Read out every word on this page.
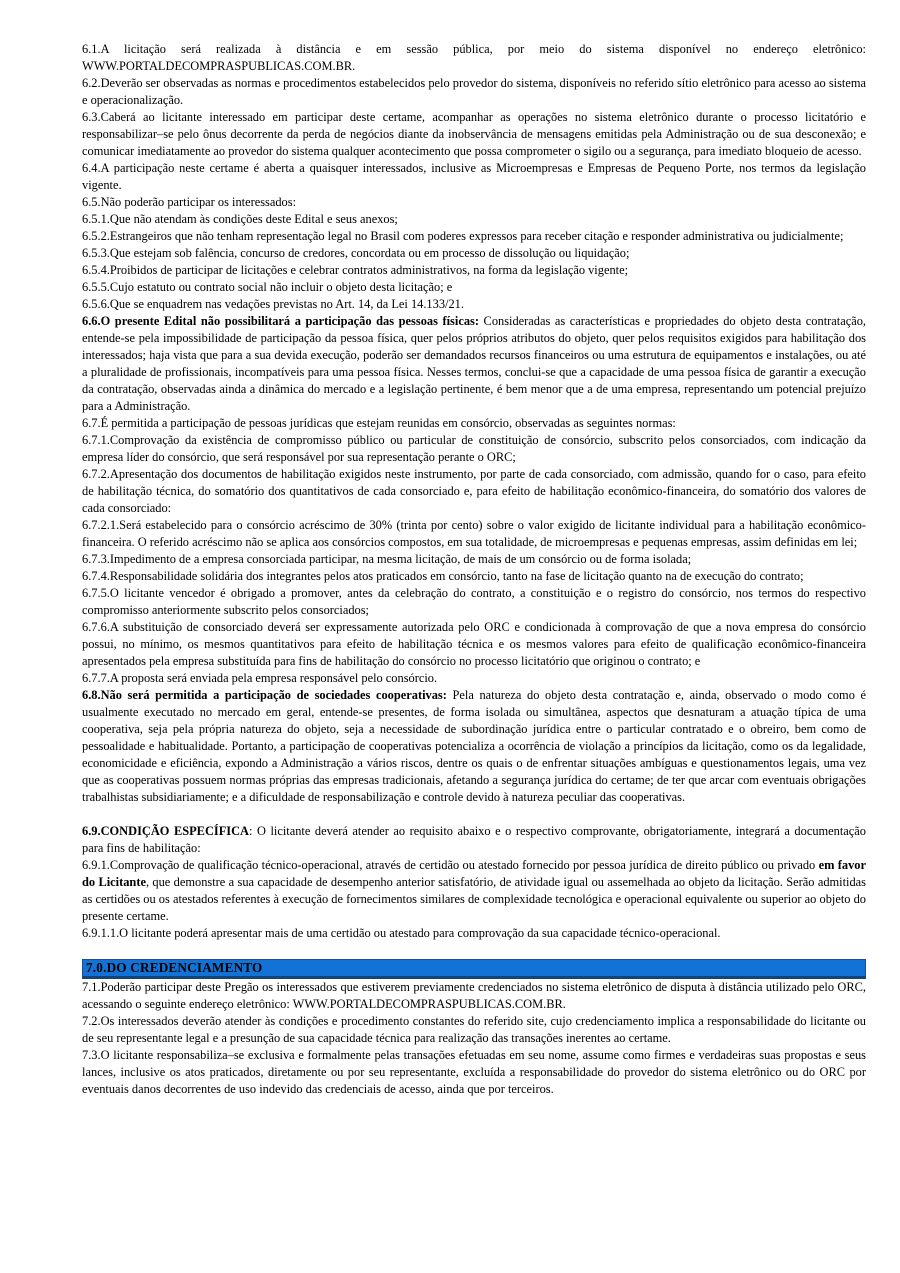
6.1.A licitação será realizada à distância e em sessão pública, por meio do sistema disponível no endereço eletrônico: WWW.PORTALDECOMPRASPUBLICAS.COM.BR.

6.2.Deverão ser observadas as normas e procedimentos estabelecidos pelo provedor do sistema, disponíveis no referido sítio eletrônico para acesso ao sistema e operacionalização.

6.3.Caberá ao licitante interessado em participar deste certame, acompanhar as operações no sistema eletrônico durante o processo licitatório e responsabilizar–se pelo ônus decorrente da perda de negócios diante da inobservância de mensagens emitidas pela Administração ou de sua desconexão; e comunicar imediatamente ao provedor do sistema qualquer acontecimento que possa comprometer o sigilo ou a segurança, para imediato bloqueio de acesso.

6.4.A participação neste certame é aberta a quaisquer interessados, inclusive as Microempresas e Empresas de Pequeno Porte, nos termos da legislação vigente.

6.5.Não poderão participar os interessados:

6.5.1.Que não atendam às condições deste Edital e seus anexos;

6.5.2.Estrangeiros que não tenham representação legal no Brasil com poderes expressos para receber citação e responder administrativa ou judicialmente;

6.5.3.Que estejam sob falência, concurso de credores, concordata ou em processo de dissolução ou liquidação;

6.5.4.Proibidos de participar de licitações e celebrar contratos administrativos, na forma da legislação vigente;

6.5.5.Cujo estatuto ou contrato social não incluir o objeto desta licitação; e

6.5.6.Que se enquadrem nas vedações previstas no Art. 14, da Lei 14.133/21.

6.6.O presente Edital não possibilitará a participação das pessoas físicas: Consideradas as características e propriedades do objeto desta contratação, entende-se pela impossibilidade de participação da pessoa física, quer pelos próprios atributos do objeto, quer pelos requisitos exigidos para habilitação dos interessados; haja vista que para a sua devida execução, poderão ser demandados recursos financeiros ou uma estrutura de equipamentos e instalações, ou até a pluralidade de profissionais, incompatíveis para uma pessoa física. Nesses termos, conclui-se que a capacidade de uma pessoa física de garantir a execução da contratação, observadas ainda a dinâmica do mercado e a legislação pertinente, é bem menor que a de uma empresa, representando um potencial prejuízo para a Administração.

6.7.É permitida a participação de pessoas jurídicas que estejam reunidas em consórcio, observadas as seguintes normas:

6.7.1.Comprovação da existência de compromisso público ou particular de constituição de consórcio, subscrito pelos consorciados, com indicação da empresa líder do consórcio, que será responsável por sua representação perante o ORC;

6.7.2.Apresentação dos documentos de habilitação exigidos neste instrumento, por parte de cada consorciado, com admissão, quando for o caso, para efeito de habilitação técnica, do somatório dos quantitativos de cada consorciado e, para efeito de habilitação econômico-financeira, do somatório dos valores de cada consorciado:

6.7.2.1.Será estabelecido para o consórcio acréscimo de 30% (trinta por cento) sobre o valor exigido de licitante individual para a habilitação econômico-financeira. O referido acréscimo não se aplica aos consórcios compostos, em sua totalidade, de microempresas e pequenas empresas, assim definidas em lei;

6.7.3.Impedimento de a empresa consorciada participar, na mesma licitação, de mais de um consórcio ou de forma isolada;

6.7.4.Responsabilidade solidária dos integrantes pelos atos praticados em consórcio, tanto na fase de licitação quanto na de execução do contrato;

6.7.5.O licitante vencedor é obrigado a promover, antes da celebração do contrato, a constituição e o registro do consórcio, nos termos do respectivo compromisso anteriormente subscrito pelos consorciados;

6.7.6.A substituição de consorciado deverá ser expressamente autorizada pelo ORC e condicionada à comprovação de que a nova empresa do consórcio possui, no mínimo, os mesmos quantitativos para efeito de habilitação técnica e os mesmos valores para efeito de qualificação econômico-financeira apresentados pela empresa substituída para fins de habilitação do consórcio no processo licitatório que originou o contrato; e

6.7.7.A proposta será enviada pela empresa responsável pelo consórcio.

6.8.Não será permitida a participação de sociedades cooperativas: Pela natureza do objeto desta contratação e, ainda, observado o modo como é usualmente executado no mercado em geral, entende-se presentes, de forma isolada ou simultânea, aspectos que desnaturam a atuação típica de uma cooperativa, seja pela própria natureza do objeto, seja a necessidade de subordinação jurídica entre o particular contratado e o obreiro, bem como de pessoalidade e habitualidade. Portanto, a participação de cooperativas potencializa a ocorrência de violação a princípios da licitação, como os da legalidade, economicidade e eficiência, expondo a Administração a vários riscos, dentre os quais o de enfrentar situações ambíguas e questionamentos legais, uma vez que as cooperativas possuem normas próprias das empresas tradicionais, afetando a segurança jurídica do certame; de ter que arcar com eventuais obrigações trabalhistas subsidiariamente; e a dificuldade de responsabilização e controle devido à natureza peculiar das cooperativas.

6.9.CONDIÇÃO ESPECÍFICA: O licitante deverá atender ao requisito abaixo e o respectivo comprovante, obrigatoriamente, integrará a documentação para fins de habilitação:

6.9.1.Comprovação de qualificação técnico-operacional, através de certidão ou atestado fornecido por pessoa jurídica de direito público ou privado em favor do Licitante, que demonstre a sua capacidade de desempenho anterior satisfatório, de atividade igual ou assemelhada ao objeto da licitação. Serão admitidas as certidões ou os atestados referentes à execução de fornecimentos similares de complexidade tecnológica e operacional equivalente ou superior ao objeto do presente certame.

6.9.1.1.O licitante poderá apresentar mais de uma certidão ou atestado para comprovação da sua capacidade técnico-operacional.

7.0.DO CREDENCIAMENTO

7.1.Poderão participar deste Pregão os interessados que estiverem previamente credenciados no sistema eletrônico de disputa à distância utilizado pelo ORC, acessando o seguinte endereço eletrônico: WWW.PORTALDECOMPRASPUBLICAS.COM.BR.

7.2.Os interessados deverão atender às condições e procedimento constantes do referido site, cujo credenciamento implica a responsabilidade do licitante ou de seu representante legal e a presunção de sua capacidade técnica para realização das transações inerentes ao certame.

7.3.O licitante responsabiliza–se exclusiva e formalmente pelas transações efetuadas em seu nome, assume como firmes e verdadeiras suas propostas e seus lances, inclusive os atos praticados, diretamente ou por seu representante, excluída a responsabilidade do provedor do sistema eletrônico ou do ORC por eventuais danos decorrentes de uso indevido das credenciais de acesso, ainda que por terceiros.
